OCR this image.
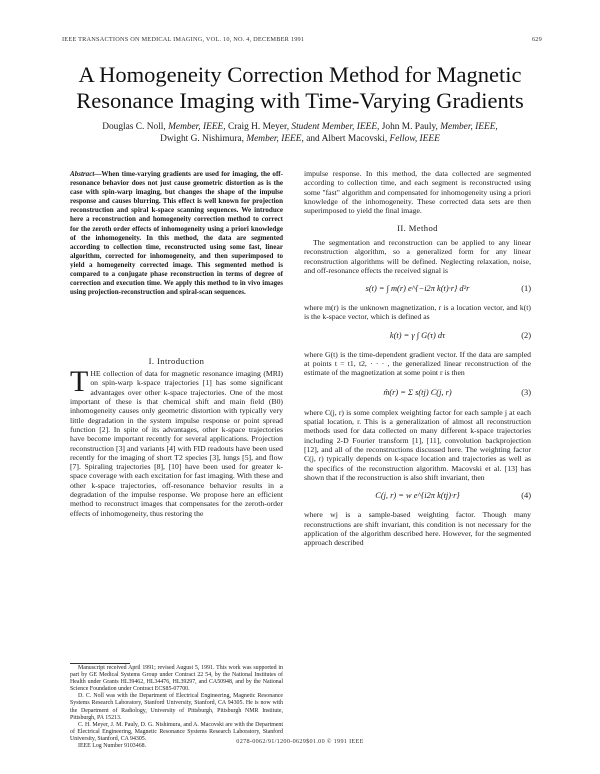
IEEE TRANSACTIONS ON MEDICAL IMAGING, VOL. 10, NO. 4, DECEMBER 1991	629
A Homogeneity Correction Method for Magnetic
Resonance Imaging with Time-Varying Gradients
Douglas C. Noll, Member, IEEE, Craig H. Meyer, Student Member, IEEE, John M. Pauly, Member, IEEE,
Dwight G. Nishimura, Member, IEEE, and Albert Macovski, Fellow, IEEE
Abstract—When time-varying gradients are used for imaging, the off-resonance behavior does not just cause geometric distortion as is the case with spin-warp imaging, but changes the shape of the impulse response and causes blurring. This effect is well known for projection reconstruction and spiral k-space scanning sequences. We introduce here a reconstruction and homogeneity correction method to correct for the zeroth order effects of inhomogeneity using a priori knowledge of the inhomogeneity. In this method, the data are segmented according to collection time, reconstructed using some fast, linear algorithm, corrected for inhomogeneity, and then superimposed to yield a homogeneity corrected image. This segmented method is compared to a conjugate phase reconstruction in terms of degree of correction and execution time. We apply this method to in vivo images using projection-reconstruction and spiral-scan sequences.

I. Introduction

THE collection of data for magnetic resonance imaging (MRI) on spin-warp k-space trajectories [1] has some significant advantages over other k-space trajectories. One of the most important of these is that chemical shift and main field (B0) inhomogeneity causes only geometric distortion with typically very little degradation in the system impulse response or point spread function [2]. In spite of its advantages, other k-space trajectories have become important recently for several applications. Projection reconstruction [3] and variants [4] with FID readouts have been used recently for the imaging of short T2 species [3], lungs [5], and flow [7]. Spiraling trajectories [8], [10] have been used for greater k-space coverage with each excitation for fast imaging. With these and other k-space trajectories, off-resonance behavior results in a degradation of the impulse response. We propose here an efficient method to reconstruct images that compensates for the zeroth-order effects of inhomogeneity, thus restoring the

Manuscript received April 1991; revised August 5, 1991. This work was supported in part by GE Medical Systems Group under Contract 22 54, by the National Institutes of Health under Grants HL39462, HL34476, HL39297, and CA50948, and by the National Science Foundation under Contract ECS85-07700.

D. C. Noll was with the Department of Electrical Engineering, Magnetic Resonance Systems Research Laboratory, Stanford University, Stanford, CA 94305. He is now with the Department of Radiology, University of Pittsburgh, Pittsburgh NMR Institute, Pittsburgh, PA 15213.

C. H. Meyer, J. M. Pauly, D. G. Nishimura, and A. Macovski are with the Department of Electrical Engineering, Magnetic Resonance Systems Research Laboratory, Stanford University, Stanford, CA 94305.

IEEE Log Number 9103468.

impulse response. In this method, the data collected are segmented according to collection time, and each segment is reconstructed using some "fast" algorithm and compensated for inhomogeneity using a priori knowledge of the inhomogeneity. These corrected data sets are then superimposed to yield the final image.

II. Method

The segmentation and reconstruction can be applied to any linear reconstruction algorithm, so a generalized form for any linear reconstruction algorithms will be defined. Neglecting relaxation, noise, and off-resonance effects the received signal is

s(t) = ∫ m(r) e^{−i2π k(t)·r} d²r	(1)

where m(r) is the unknown magnetization, r is a location vector, and k(t) is the k-space vector, which is defined as

k(t) = γ ∫ G(τ) dτ	(2)

where G(t) is the time-dependent gradient vector. If the data are sampled at points t = t1, t2, · · · , the generalized linear reconstruction of the estimate of the magnetization at some point r is then

m̂(r) = Σ s(tj) C(j, r)	(3)

where C(j, r) is some complex weighting factor for each sample j at each spatial location, r. This is a generalization of almost all reconstruction methods used for data collected on many different k-space trajectories including 2-D Fourier transform [1], [11], convolution backprojection [12], and all of the reconstructions discussed here. The weighting factor C(j, r) typically depends on k-space location and trajectories as well as the specifics of the reconstruction algorithm. Macovski et al. [13] has shown that if the reconstruction is also shift invariant, then

C(j, r) = w e^{i2π k(tj)·r}	(4)

where wj is a sample-based weighting factor. Though many reconstructions are shift invariant, this condition is not necessary for the application of the algorithm described here. However, for the segmented approach described

0278-0062/91/1200-0629$01.00 © 1991 IEEE
